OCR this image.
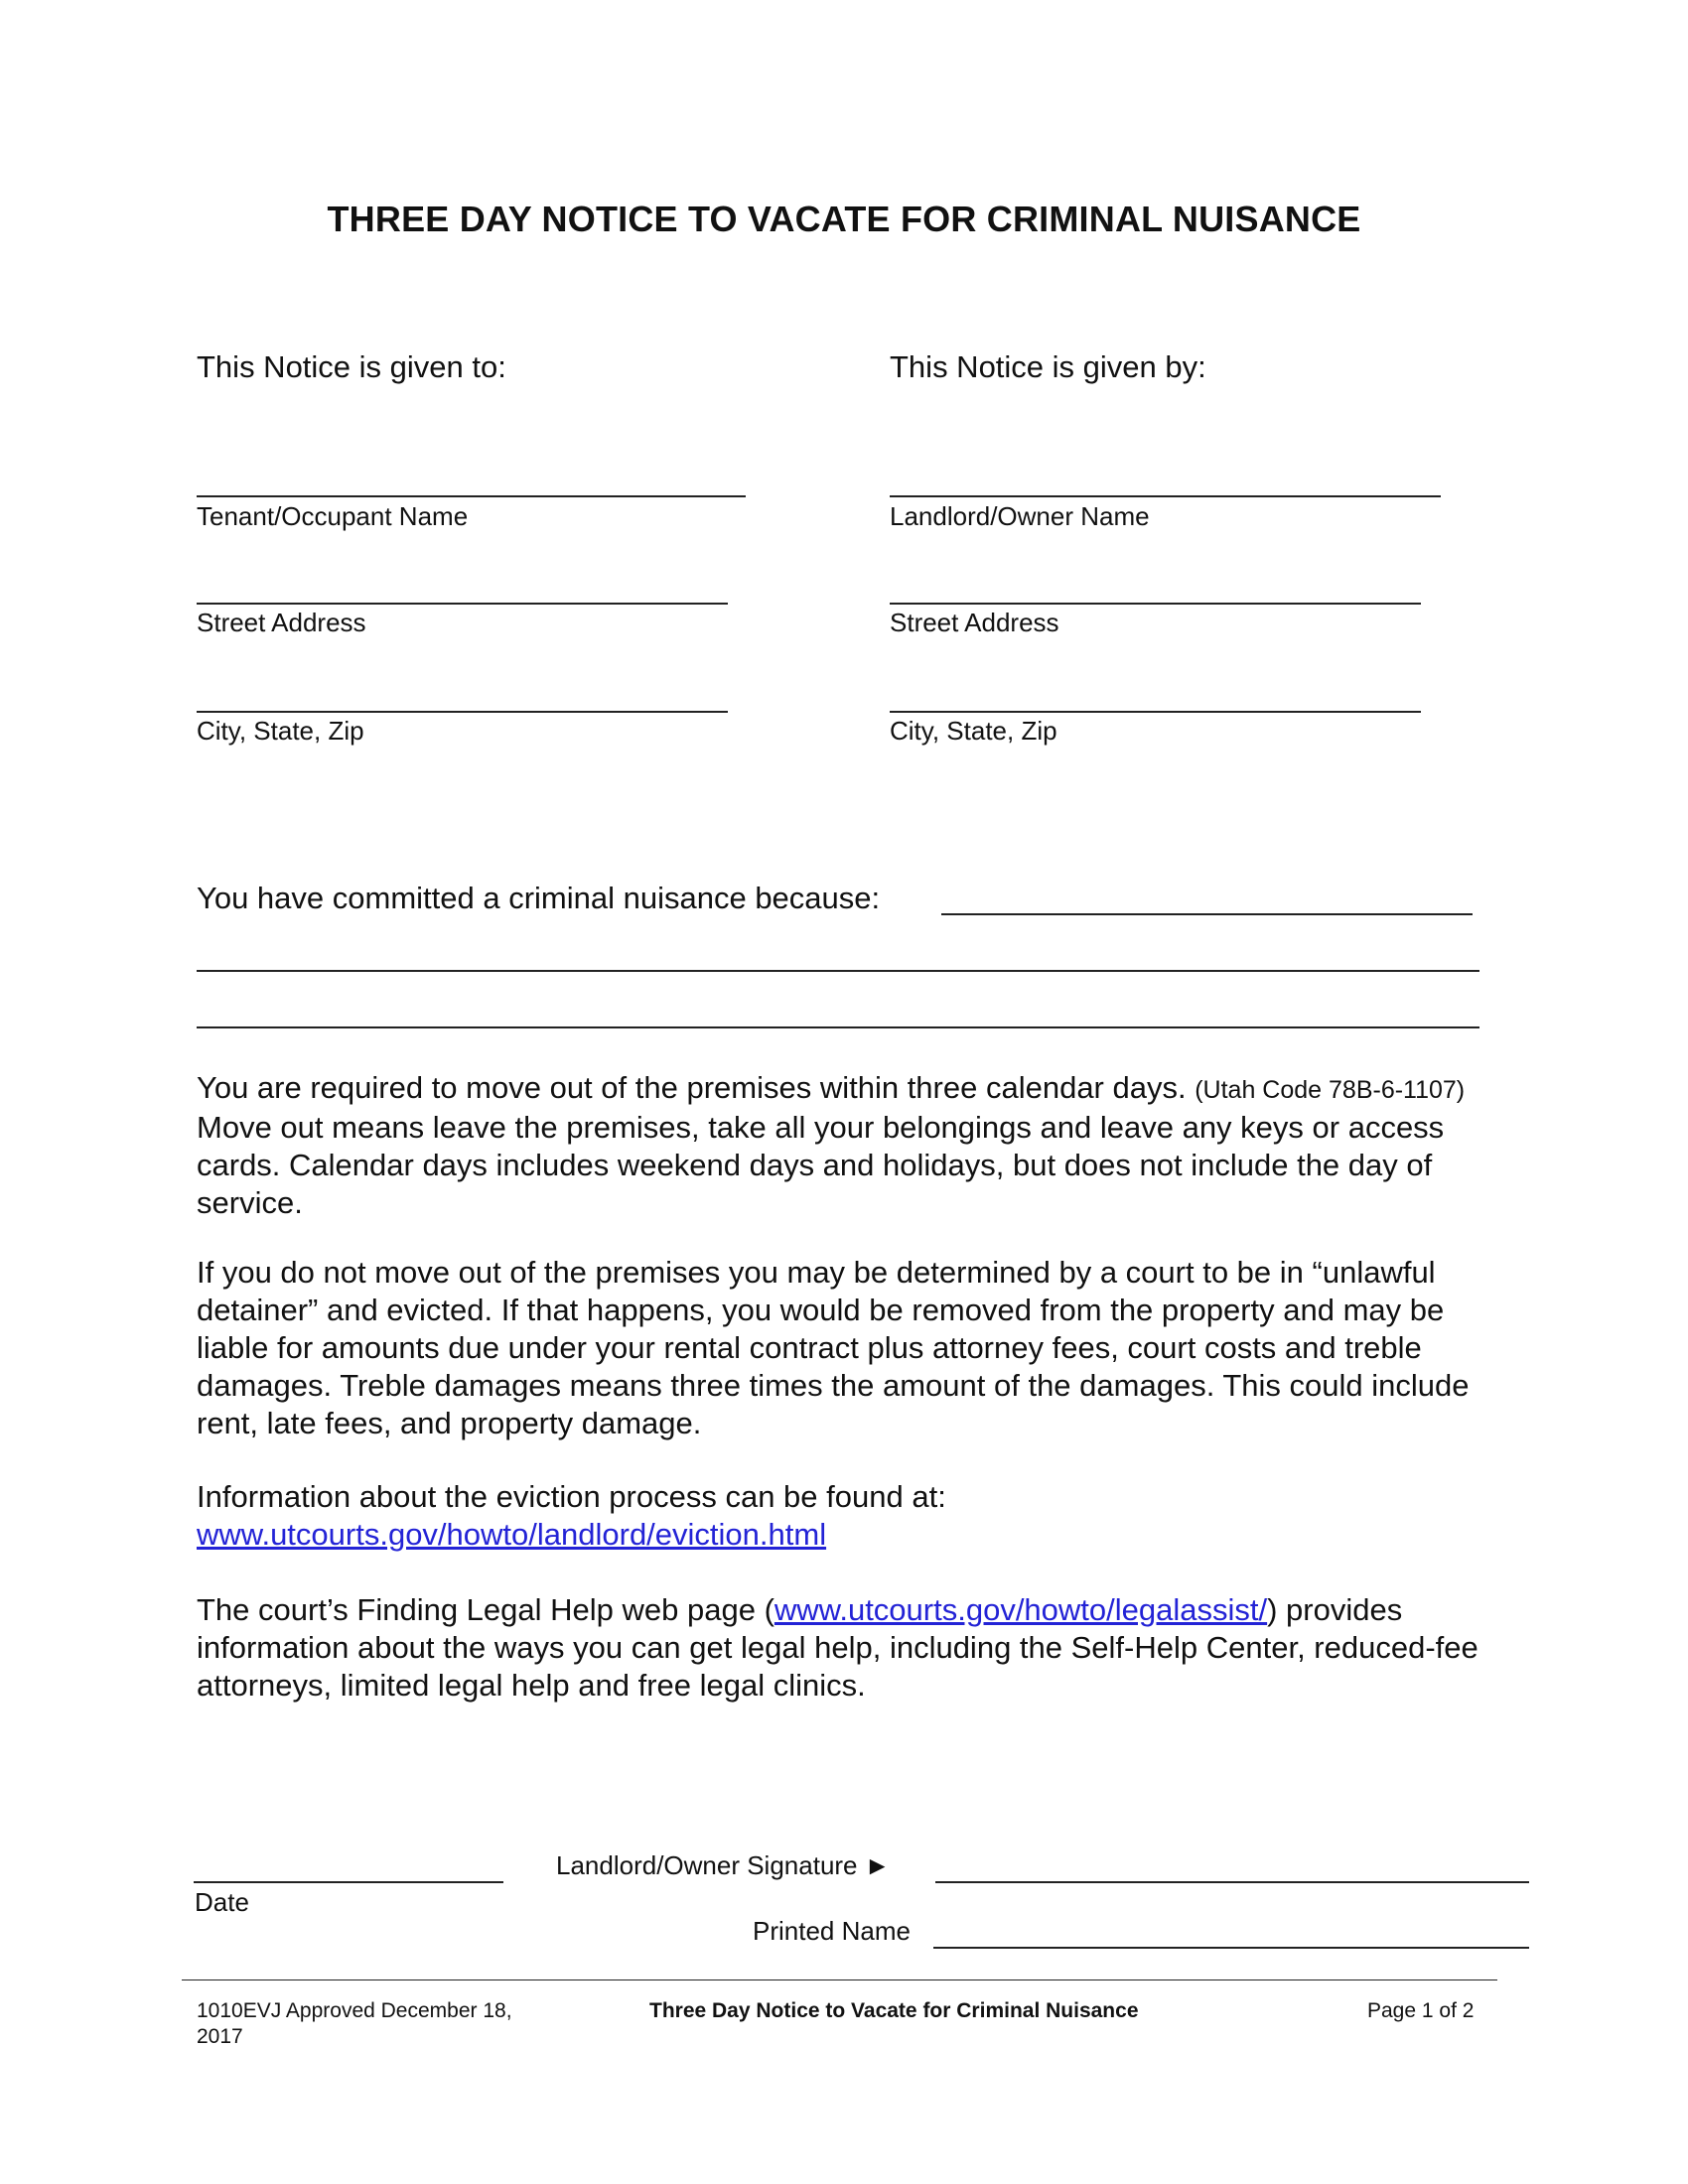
THREE DAY NOTICE TO VACATE FOR CRIMINAL NUISANCE
This Notice is given to:	This Notice is given by:
Tenant/Occupant Name
Street Address
City, State, Zip
Landlord/Owner Name
Street Address
City, State, Zip
You have committed a criminal nuisance because:
You are required to move out of the premises within three calendar days. (Utah Code 78B-6-1107) Move out means leave the premises, take all your belongings and leave any keys or access cards. Calendar days includes weekend days and holidays, but does not include the day of service.
If you do not move out of the premises you may be determined by a court to be in “unlawful detainer” and evicted. If that happens, you would be removed from the property and may be liable for amounts due under your rental contract plus attorney fees, court costs and treble damages. Treble damages means three times the amount of the damages. This could include rent, late fees, and property damage.
Information about the eviction process can be found at:
www.utcourts.gov/howto/landlord/eviction.html
The court’s Finding Legal Help web page (www.utcourts.gov/howto/legalassist/) provides information about the ways you can get legal help, including the Self-Help Center, reduced-fee attorneys, limited legal help and free legal clinics.
Date
Landlord/Owner Signature ►
Printed Name
1010EVJ Approved December 18, 2017
Three Day Notice to Vacate for Criminal Nuisance	Page 1 of 2
